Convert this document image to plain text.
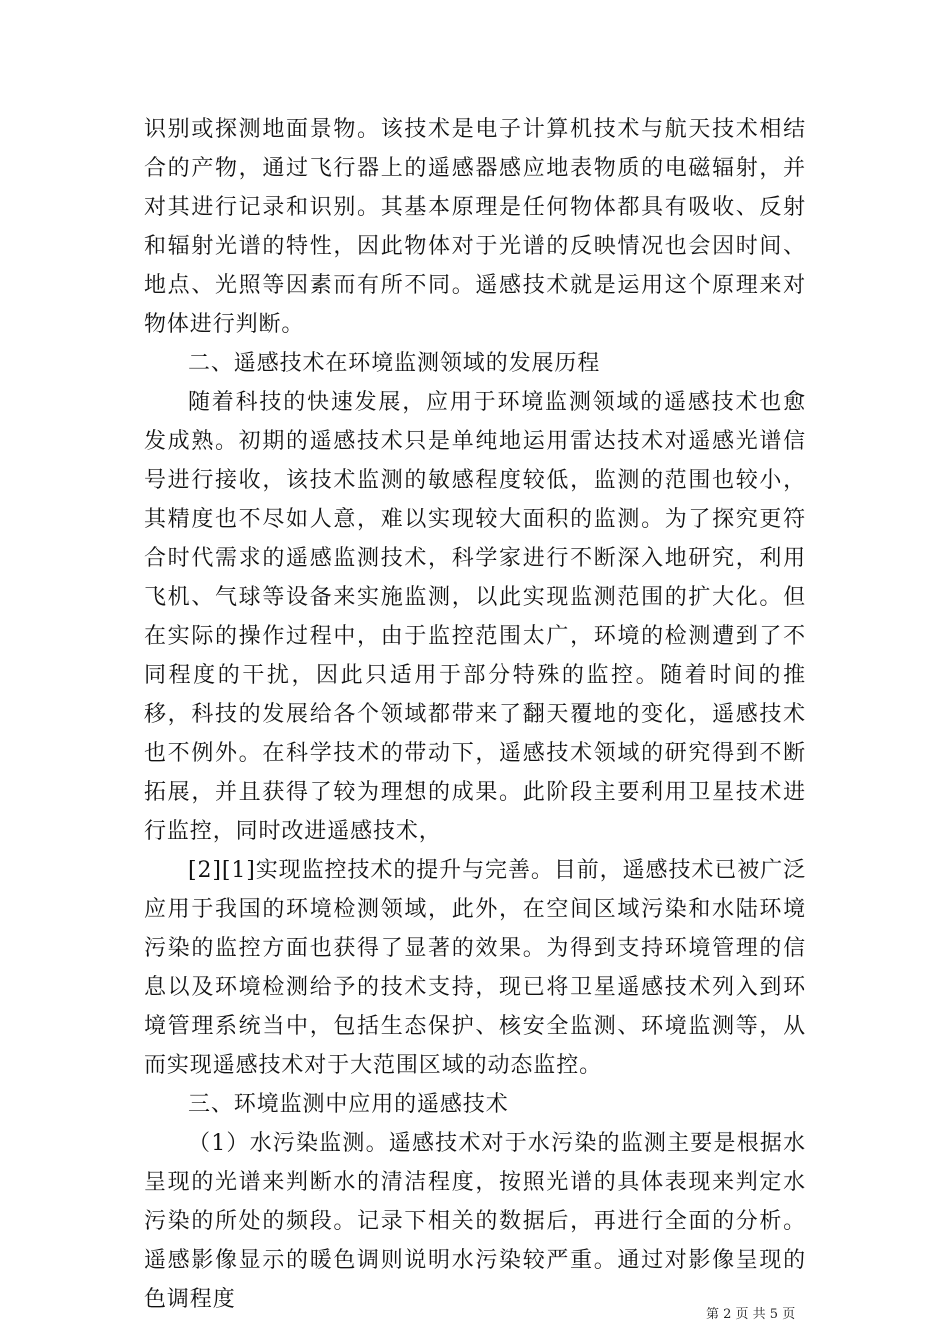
识别或探测地面景物。该技术是电子计算机技术与航天技术相结合的产物，通过飞行器上的遥感器感应地表物质的电磁辐射，并对其进行记录和识别。其基本原理是任何物体都具有吸收、反射和辐射光谱的特性，因此物体对于光谱的反映情况也会因时间、地点、光照等因素而有所不同。遥感技术就是运用这个原理来对物体进行判断。

二、遥感技术在环境监测领域的发展历程

随着科技的快速发展，应用于环境监测领域的遥感技术也愈发成熟。初期的遥感技术只是单纯地运用雷达技术对遥感光谱信号进行接收，该技术监测的敏感程度较低，监测的范围也较小，其精度也不尽如人意，难以实现较大面积的监测。为了探究更符合时代需求的遥感监测技术，科学家进行不断深入地研究，利用飞机、气球等设备来实施监测，以此实现监测范围的扩大化。但在实际的操作过程中，由于监控范围太广，环境的检测遭到了不同程度的干扰，因此只适用于部分特殊的监控。随着时间的推移，科技的发展给各个领域都带来了翻天覆地的变化，遥感技术也不例外。在科学技术的带动下，遥感技术领域的研究得到不断拓展，并且获得了较为理想的成果。此阶段主要利用卫星技术进行监控，同时改进遥感技术，

[2][1]实现监控技术的提升与完善。目前，遥感技术已被广泛应用于我国的环境检测领域，此外，在空间区域污染和水陆环境污染的监控方面也获得了显著的效果。为得到支持环境管理的信息以及环境检测给予的技术支持，现已将卫星遥感技术列入到环境管理系统当中，包括生态保护、核安全监测、环境监测等，从而实现遥感技术对于大范围区域的动态监控。

三、环境监测中应用的遥感技术

（1）水污染监测。遥感技术对于水污染的监测主要是根据水呈现的光谱来判断水的清洁程度，按照光谱的具体表现来判定水污染的所处的频段。记录下相关的数据后，再进行全面的分析。遥感影像显示的暖色调则说明水污染较严重。通过对影像呈现的色调程度

第 2 页 共 5 页
